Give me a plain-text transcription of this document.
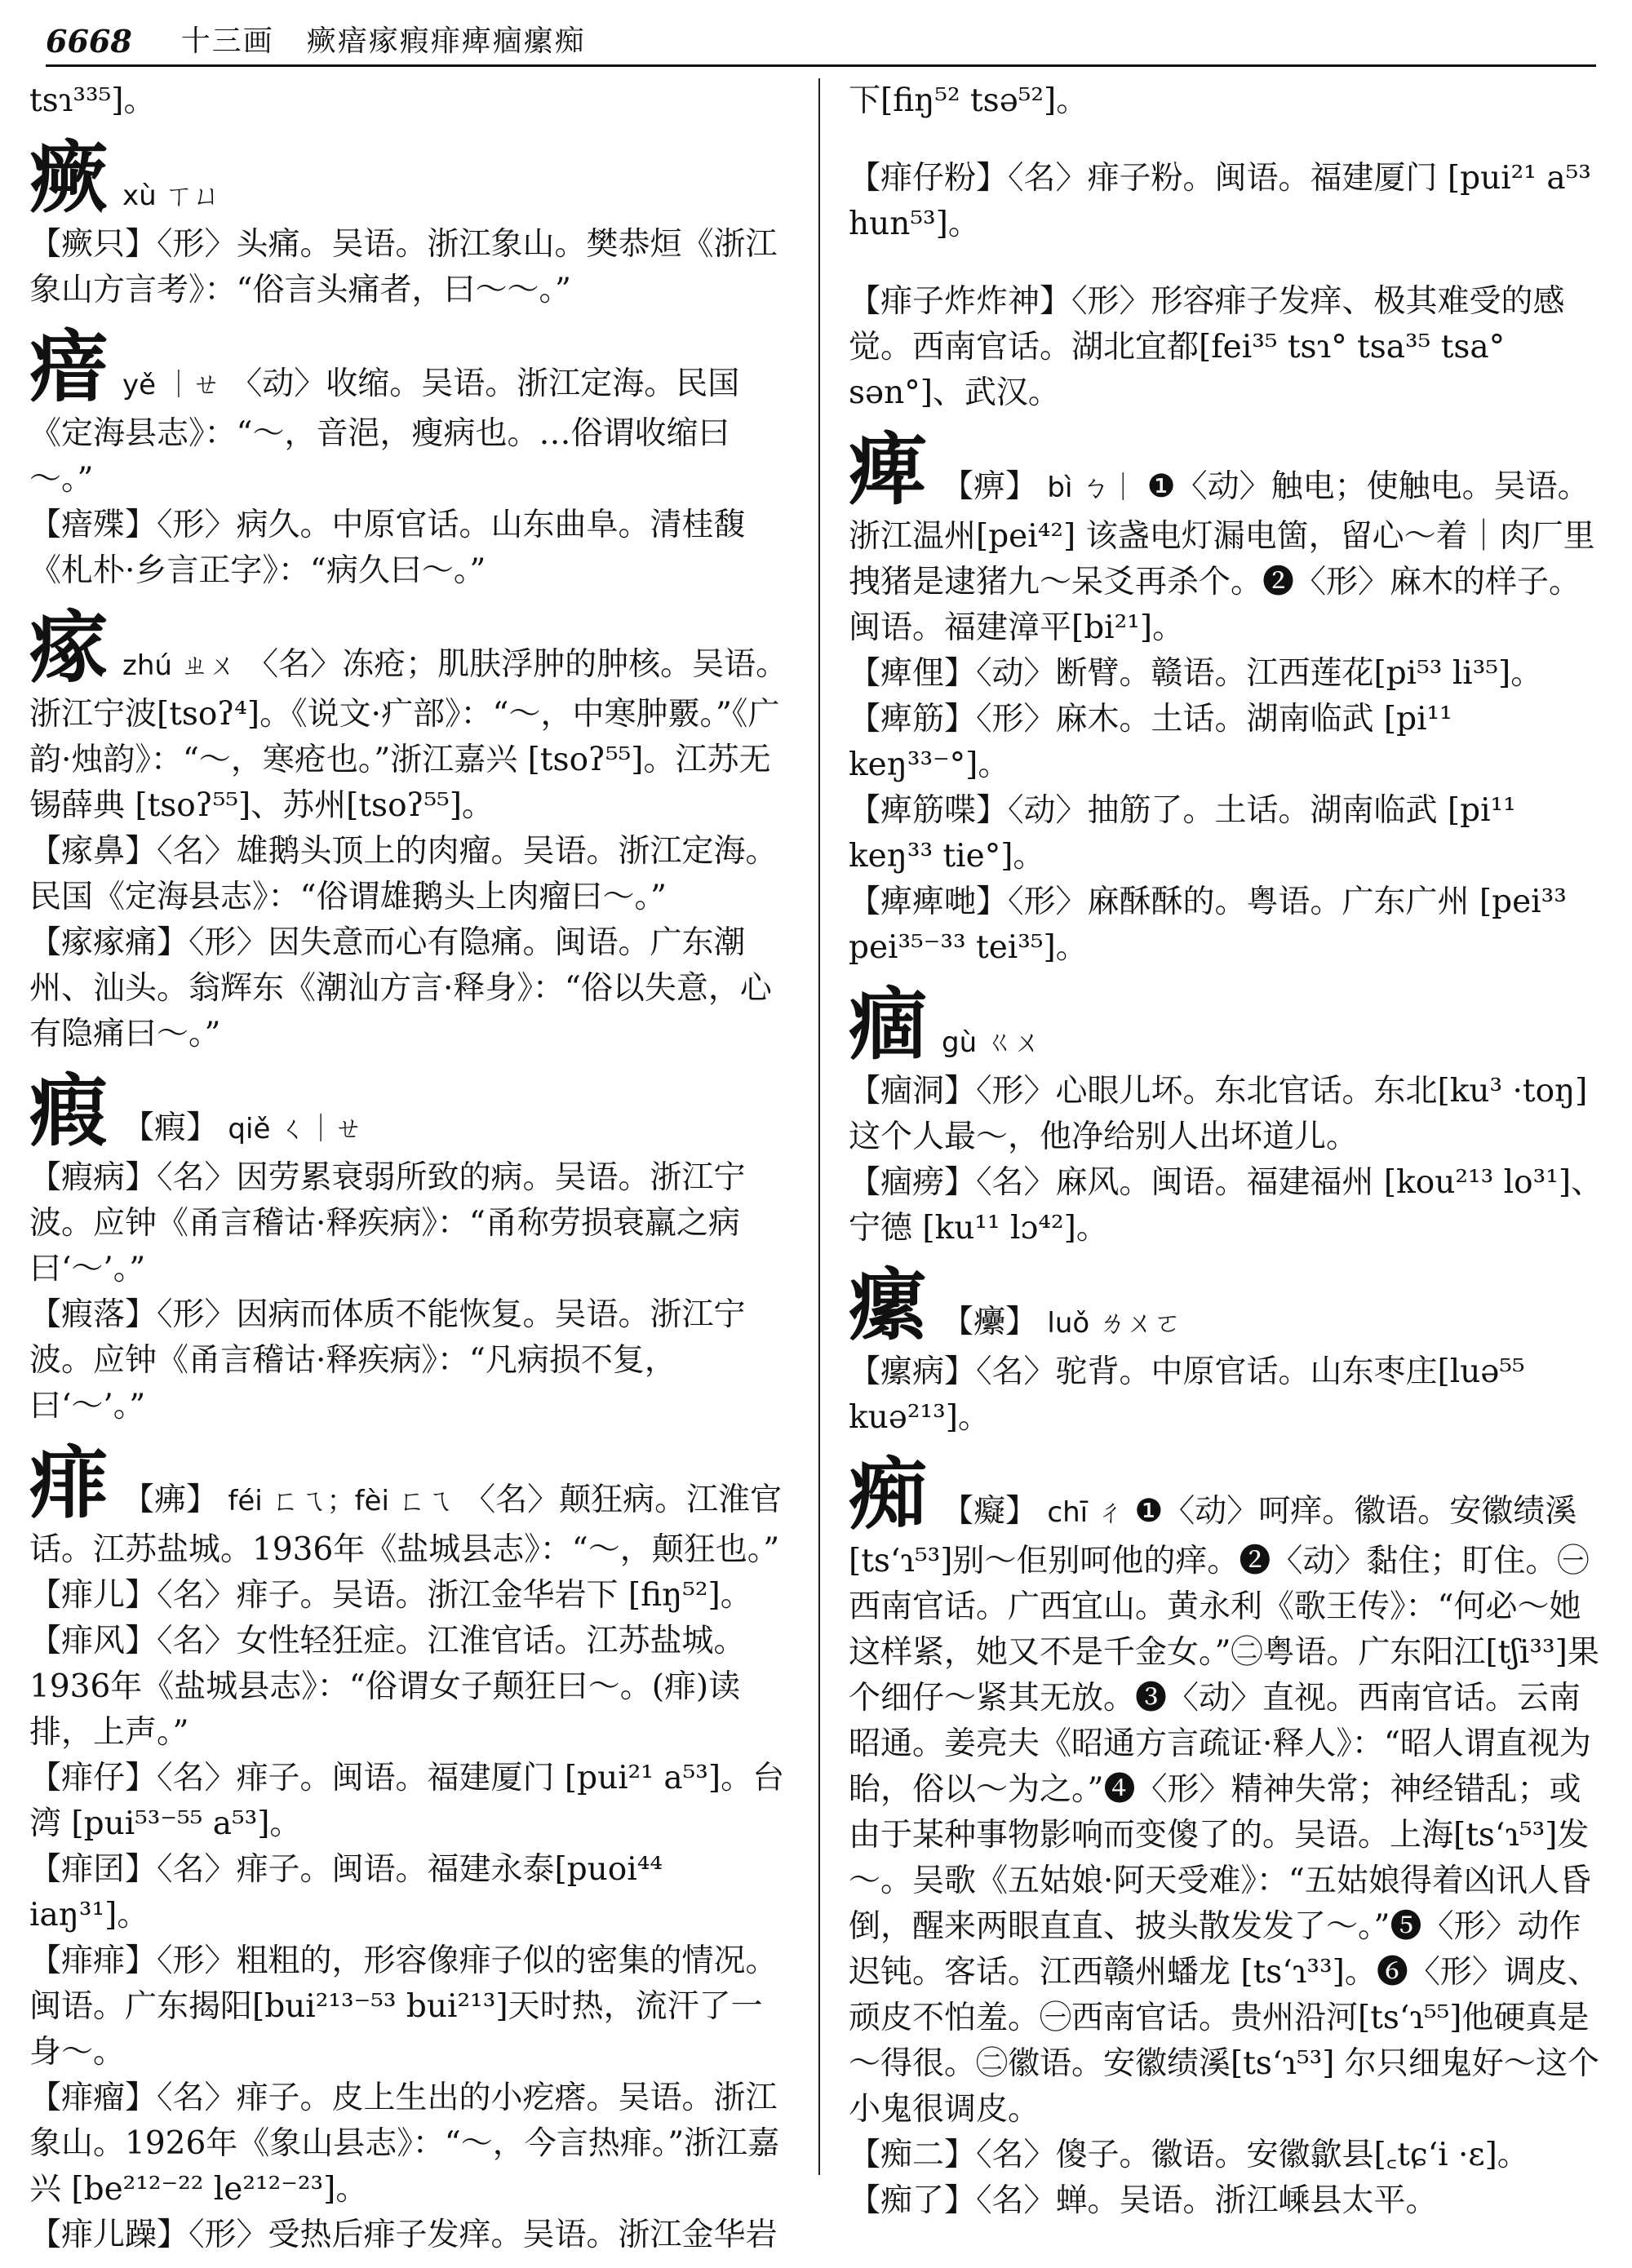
6668 十三画 瘚瘖瘃瘕痱痺痼瘰痴

tsɿ³³⁵]。

瘚xù ㄒㄩ

【瘚只】〈形〉头痛。吴语。浙江象山。樊恭烜《浙江象山方言考》：“俗言头痛者，曰～～。”

瘖yě ｜ㄝ 〈动〉收缩。吴语。浙江定海。民国《定海县志》：“～，音浥，瘦病也。…俗谓收缩曰～。”

【瘖殜】〈形〉病久。中原官话。山东曲阜。清桂馥《札朴·乡言正字》：“病久曰～。”

瘃zhú ㄓㄨ 〈名〉冻疮；肌肤浮肿的肿核。吴语。浙江宁波[tsoʔ⁴]。《说文·疒部》：“～，中寒肿覈。”《广韵·烛韵》：“～，寒疮也。”浙江嘉兴 [tsoʔ⁵⁵]。江苏无锡薛典 [tsoʔ⁵⁵]、苏州[tsoʔ⁵⁵]。

【瘃鼻】〈名〉雄鹅头顶上的肉瘤。吴语。浙江定海。民国《定海县志》：“俗谓雄鹅头上肉瘤曰～。”

【瘃瘃痛】〈形〉因失意而心有隐痛。闽语。广东潮州、汕头。翁辉东《潮汕方言·释身》：“俗以失意，心有隐痛曰～。”

瘕 【瘕】 qiě ㄑ｜ㄝ

【瘕病】〈名〉因劳累衰弱所致的病。吴语。浙江宁波。应钟《甬言稽诂·释疾病》：“甬称劳损衰羸之病曰‘～’。”

【瘕落】〈形〉因病而体质不能恢复。吴语。浙江宁波。应钟《甬言稽诂·释疾病》：“凡病损不复，曰‘～’。”

痱 【疿】 féi ㄈㄟ；fèi ㄈㄟ 〈名〉颠狂病。江淮官话。江苏盐城。1936年《盐城县志》：“～，颠狂也。”

【痱儿】〈名〉痱子。吴语。浙江金华岩下 [fiŋ⁵²]。

【痱风】〈名〉女性轻狂症。江淮官话。江苏盐城。1936年《盐城县志》：“俗谓女子颠狂曰～。(痱)读排，上声。”

【痱仔】〈名〉痱子。闽语。福建厦门 [pui²¹ a⁵³]。台湾 [pui⁵³⁻⁵⁵ a⁵³]。

【痱囝】〈名〉痱子。闽语。福建永泰[puoi⁴⁴ iaŋ³¹]。

【痱痱】〈形〉粗粗的，形容像痱子似的密集的情况。闽语。广东揭阳[bui²¹³⁻⁵³ bui²¹³]天时热，流汗了一身～。

【痱瘤】〈名〉痱子。皮上生出的小疙瘩。吴语。浙江象山。1926年《象山县志》：“～，今言热痱。”浙江嘉兴 [be²¹²⁻²² le²¹²⁻²³]。

【痱儿躁】〈形〉受热后痱子发痒。吴语。浙江金华岩

下[fiŋ⁵² tsə⁵²]。

【痱仔粉】〈名〉痱子粉。闽语。福建厦门 [pui²¹ a⁵³ hun⁵³]。

【痱子炸炸神】〈形〉形容痱子发痒、极其难受的感觉。西南官话。湖北宜都[fei³⁵ tsɿ° tsa³⁵ tsa° sən°]、武汉。

痺 【痹】 bì ㄅ｜ ❶〈动〉触电；使触电。吴语。浙江温州[pei⁴²] 该盏电灯漏电箇，留心～着｜肉厂里拽猪是逮猪九～呆爻再杀个。❷〈形〉麻木的样子。闽语。福建漳平[bi²¹]。

【痺俚】〈动〉断臂。赣语。江西莲花[pi⁵³ li³⁵]。

【痺筋】〈形〉麻木。土话。湖南临武 [pi¹¹ keŋ³³⁻°]。

【痺筋喋】〈动〉抽筋了。土话。湖南临武 [pi¹¹ keŋ³³ tie°]。

【痺痺哋】〈形〉麻酥酥的。粤语。广东广州 [pei³³ pei³⁵⁻³³ tei³⁵]。

痼gù ㄍㄨ

【痼洞】〈形〉心眼儿坏。东北官话。东北[ku³ ·toŋ]这个人最～，他净给别人出坏道儿。

【痼痨】〈名〉麻风。闽语。福建福州 [kou²¹³ lo³¹]、宁德 [ku¹¹ lɔ⁴²]。

瘰 【癳】 luǒ ㄌㄨㄛ

【瘰病】〈名〉驼背。中原官话。山东枣庄[luə⁵⁵ kuə²¹³]。

痴 【癡】 chī ㄔ ❶〈动〉呵痒。徽语。安徽绩溪[ts‘ɿ⁵³]别～佢别呵他的痒。❷〈动〉黏住；盯住。㊀西南官话。广西宜山。黄永利《歌王传》：“何必～她这样紧，她又不是千金女。”㊁粤语。广东阳江[tʃi³³]果个细仔～紧其无放。❸〈动〉直视。西南官话。云南昭通。姜亮夫《昭通方言疏证·释人》：“昭人谓直视为眙，俗以～为之。”❹〈形〉精神失常；神经错乱；或由于某种事物影响而变傻了的。吴语。上海[ts‘ɿ⁵³]发～。吴歌《五姑娘·阿天受难》：“五姑娘得着凶讯人昏倒，醒来两眼直直、披头散发发了～。”❺〈形〉动作迟钝。客话。江西赣州蟠龙 [ts‘ɿ³³]。❻〈形〉调皮、顽皮不怕羞。㊀西南官话。贵州沿河[ts‘ɿ⁵⁵]他硬真是～得很。㊁徽语。安徽绩溪[ts‘ɿ⁵³] 尔只细鬼好～这个小鬼很调皮。

【痴二】〈名〉傻子。徽语。安徽歙县[꜀tɕ‘i ·ɛ]。

【痴了】〈名〉蝉。吴语。浙江嵊县太平。
